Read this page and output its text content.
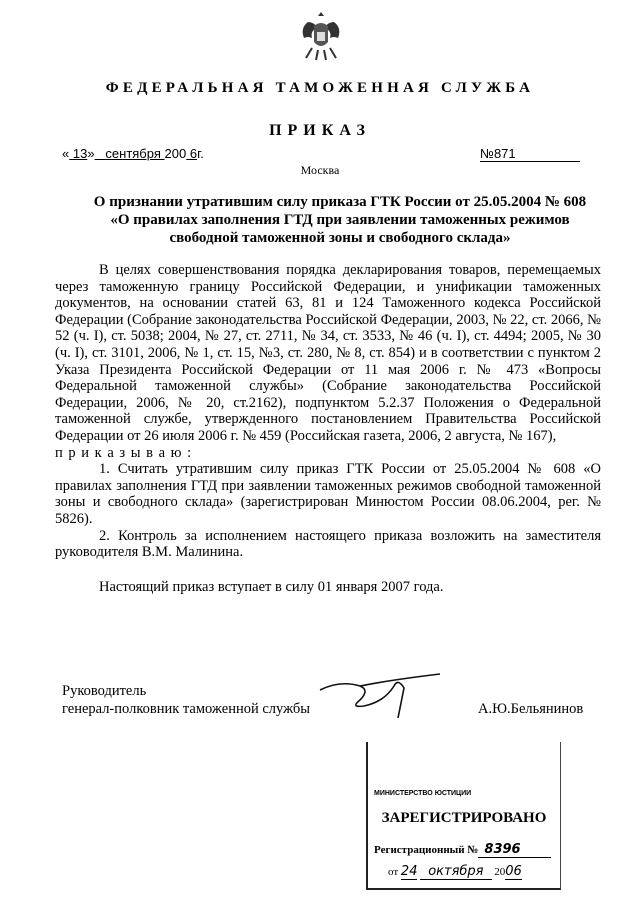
ФЕДЕРАЛЬНАЯ ТАМОЖЕННАЯ СЛУЖБА
ПРИКАЗ
« 13» сентября 200 6г.	№871
Москва
О признании утратившим силу приказа ГТК России от 25.05.2004 № 608
«О правилах заполнения ГТД при заявлении таможенных режимов
свободной таможенной зоны и свободного склада»

В целях совершенствования порядка декларирования товаров, перемещаемых через таможенную границу Российской Федерации, и унификации таможенных документов, на основании статей 63, 81 и 124 Таможенного кодекса Российской Федерации (Собрание законодательства Российской Федерации, 2003, № 22, ст. 2066, № 52 (ч. I), ст. 5038; 2004, № 27, ст. 2711, № 34, ст. 3533, № 46 (ч. I), ст. 4494; 2005, № 30 (ч. I), ст. 3101, 2006, № 1, ст. 15, №3, ст. 280, № 8, ст. 854) и в соответствии с пунктом 2 Указа Президента Российской Федерации от 11 мая 2006 г. № 473 «Вопросы Федеральной таможенной службы» (Собрание законодательства Российской Федерации, 2006, № 20, ст.2162), подпунктом 5.2.37 Положения о Федеральной таможенной службе, утвержденного постановлением Правительства Российской Федерации от 26 июля 2006 г. № 459 (Российская газета, 2006, 2 августа, № 167),

п р и к а з ы в а ю :

1. Считать утратившим силу приказ ГТК России от 25.05.2004 № 608 «О правилах заполнения ГТД при заявлении таможенных режимов свободной таможенной зоны и свободного склада» (зарегистрирован Минюстом России 08.06.2004, рег. № 5826).

2. Контроль за исполнением настоящего приказа возложить на заместителя руководителя В.М. Малинина.

Настоящий приказ вступает в силу 01 января 2007 года.

Руководитель
генерал-полковник таможенной службы	А.Ю.Бельянинов
МИНИСТЕРСТВО ЮСТИЦИИ
ЗАРЕГИСТРИРОВАНО
Регистрационный № 8396
от 24 октября 2006
